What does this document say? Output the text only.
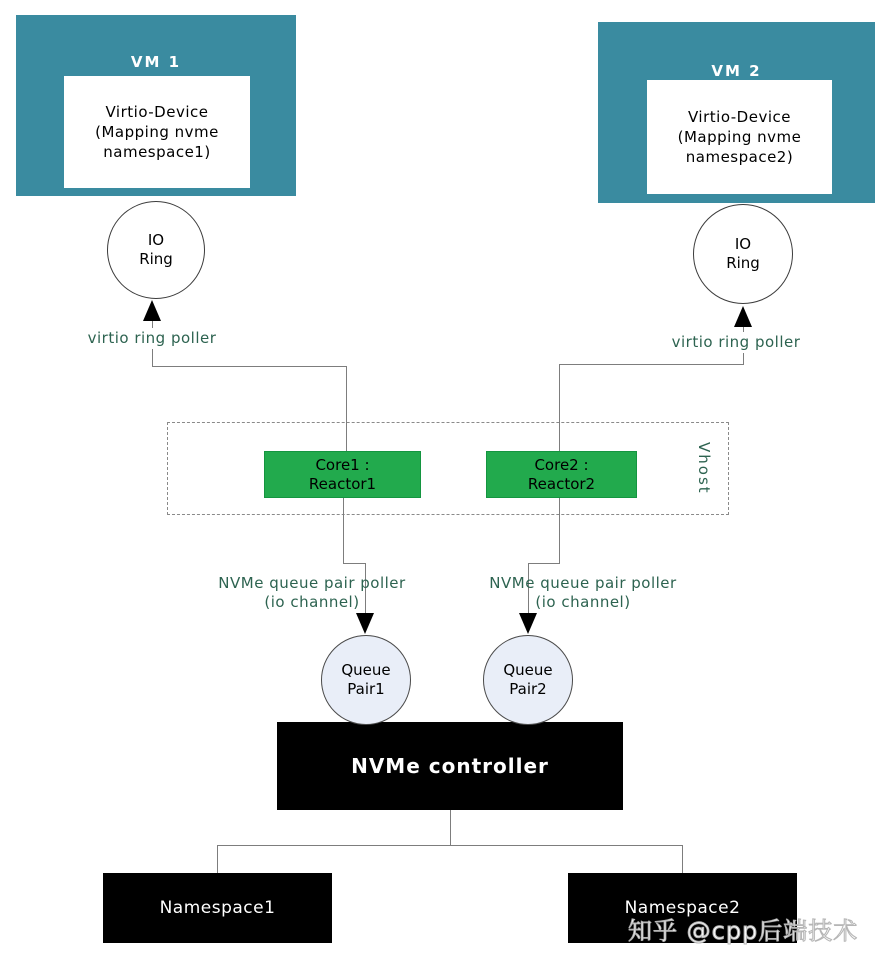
VM 1
Virtio-Device
(Mapping nvme
namespace1)
VM 2
Virtio-Device
(Mapping nvme
namespace2)
IO
Ring
IO
Ring
virtio ring poller	virtio ring poller
Vhost
Core1 :
Reactor1
Core2 :
Reactor2
NVMe queue pair poller
(io channel)
NVMe queue pair poller
(io channel)
NVMe controller
Queue
Pair1
Queue
Pair2
Namespace1	Namespace2
知乎 @cpp后端技术
